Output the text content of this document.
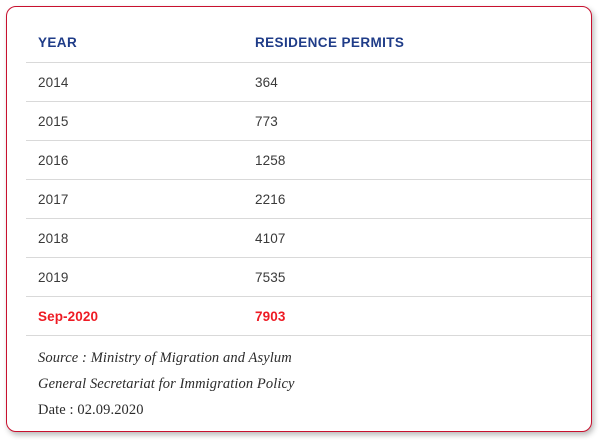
YEAR	RESIDENCE PERMITS
2014	364
2015	773
2016	1258
2017	2216
2018	4107
2019	7535
Sep-2020	7903

Source : Ministry of Migration and Asylum
General Secretariat for Immigration Policy
Date : 02.09.2020	
